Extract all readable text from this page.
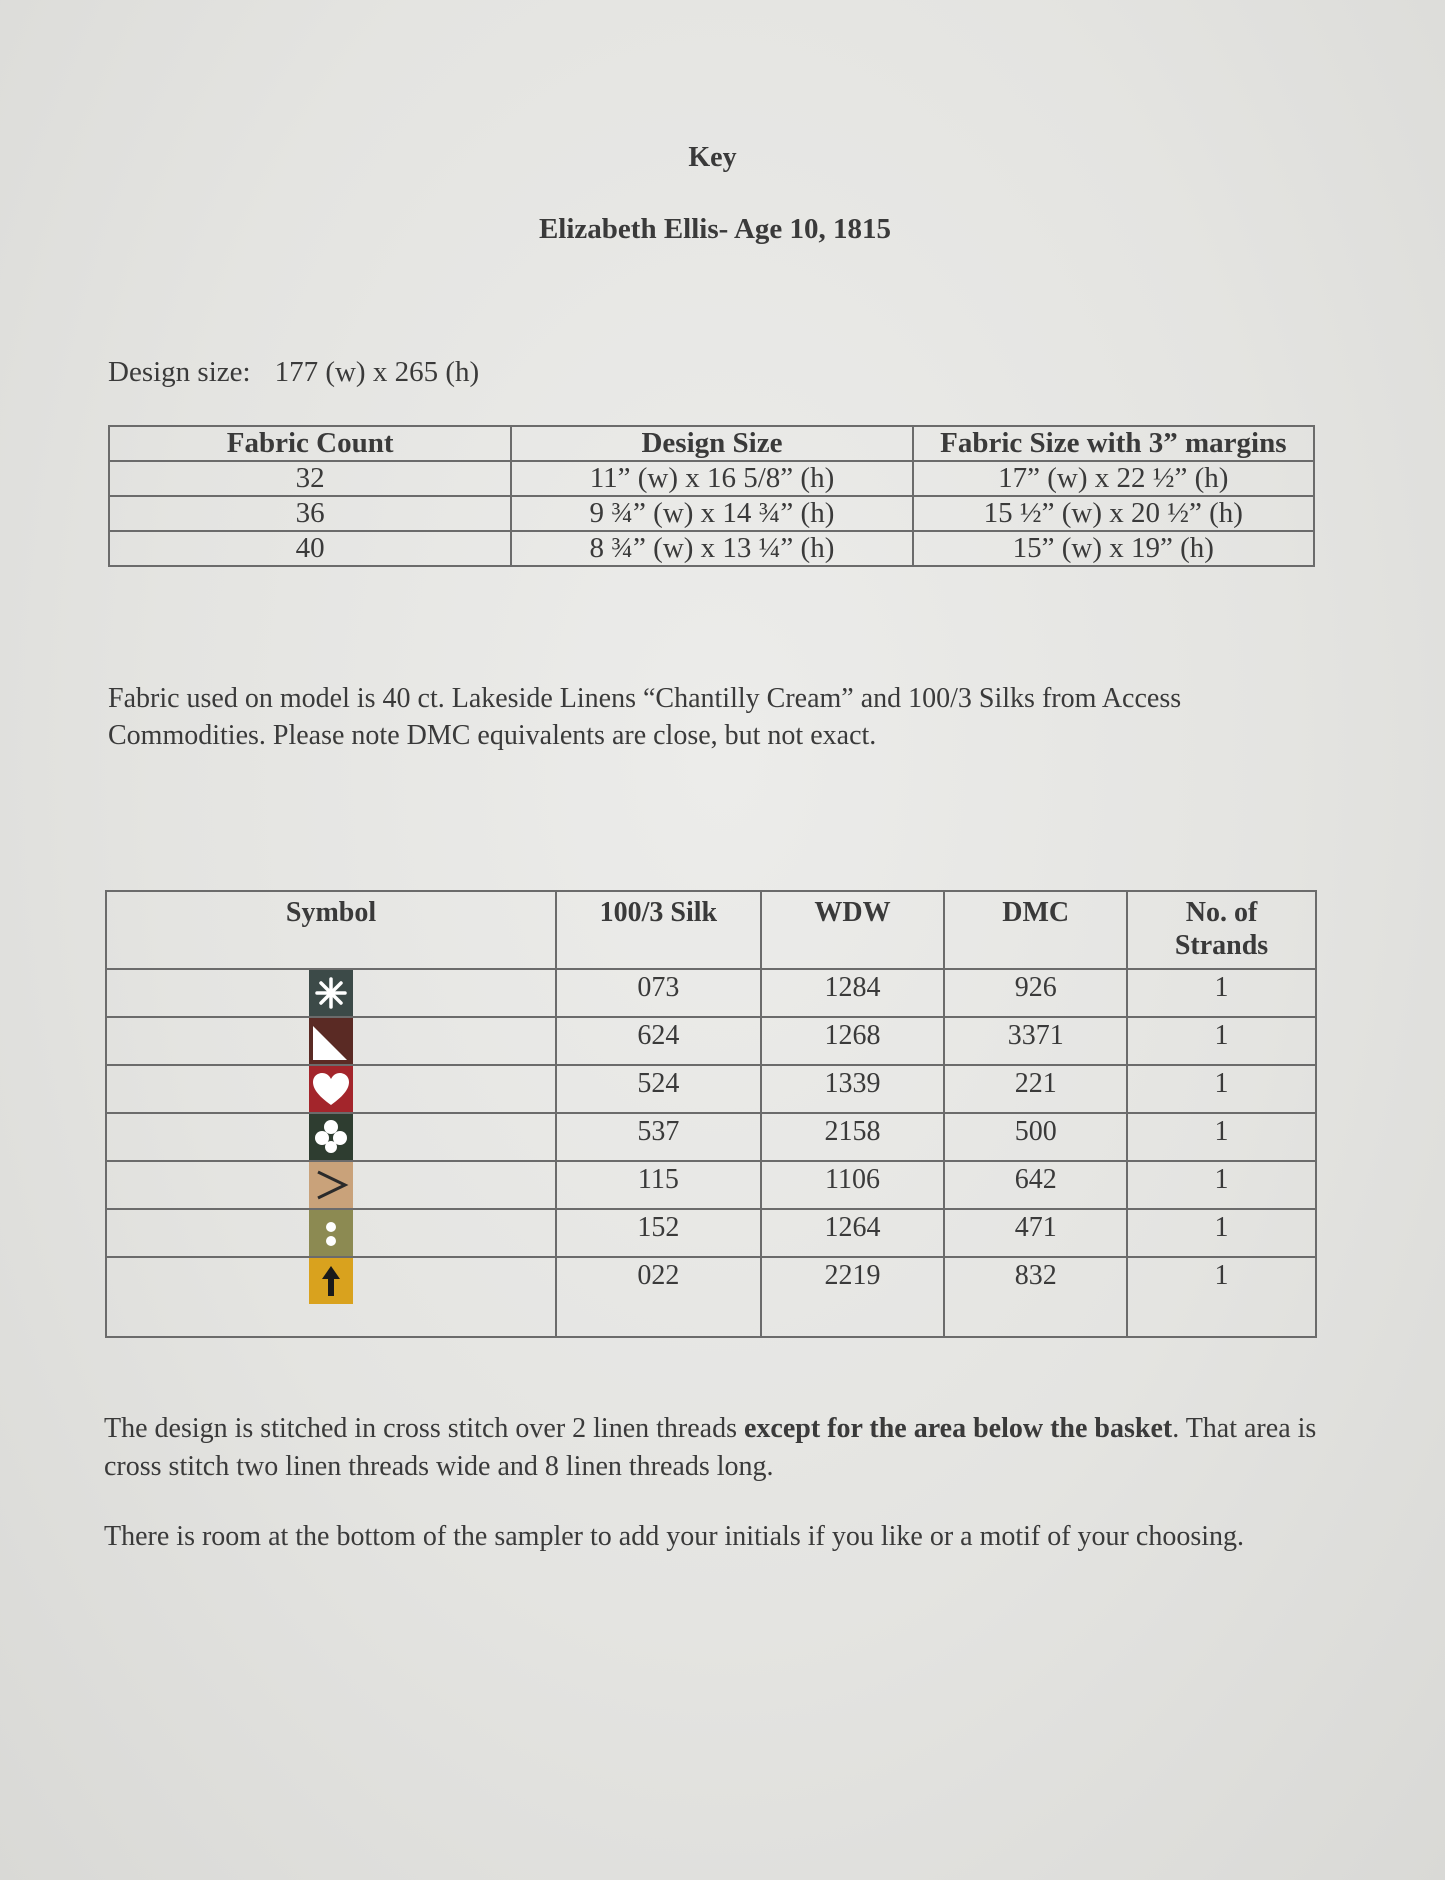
Key
Elizabeth Ellis- Age 10, 1815
Design size: 177 (w) x 265 (h)
Fabric Count	Design Size	Fabric Size with 3” margins
32	11” (w) x 16 5/8” (h)	17” (w) x 22 ½” (h)
36	9 ¾” (w) x 14 ¾” (h)	15 ½” (w) x 20 ½” (h)
40	8 ¾” (w) x 13 ¼” (h)	15” (w) x 19” (h)
Fabric used on model is 40 ct. Lakeside Linens “Chantilly Cream” and 100/3 Silks from Access Commodities. Please note DMC equivalents are close, but not exact.
Symbol	100/3 Silk	WDW	DMC	No. of Strands

	073	1284	926	1

	624	1268	3371	1

	524	1339	221	1

	537	2158	500	1

	115	1106	642	1

	152	1264	471	1

	022	2219	832	1
The design is stitched in cross stitch over 2 linen threads except for the area below the basket. That area is cross stitch two linen threads wide and 8 linen threads long.
There is room at the bottom of the sampler to add your initials if you like or a motif of your choosing.
